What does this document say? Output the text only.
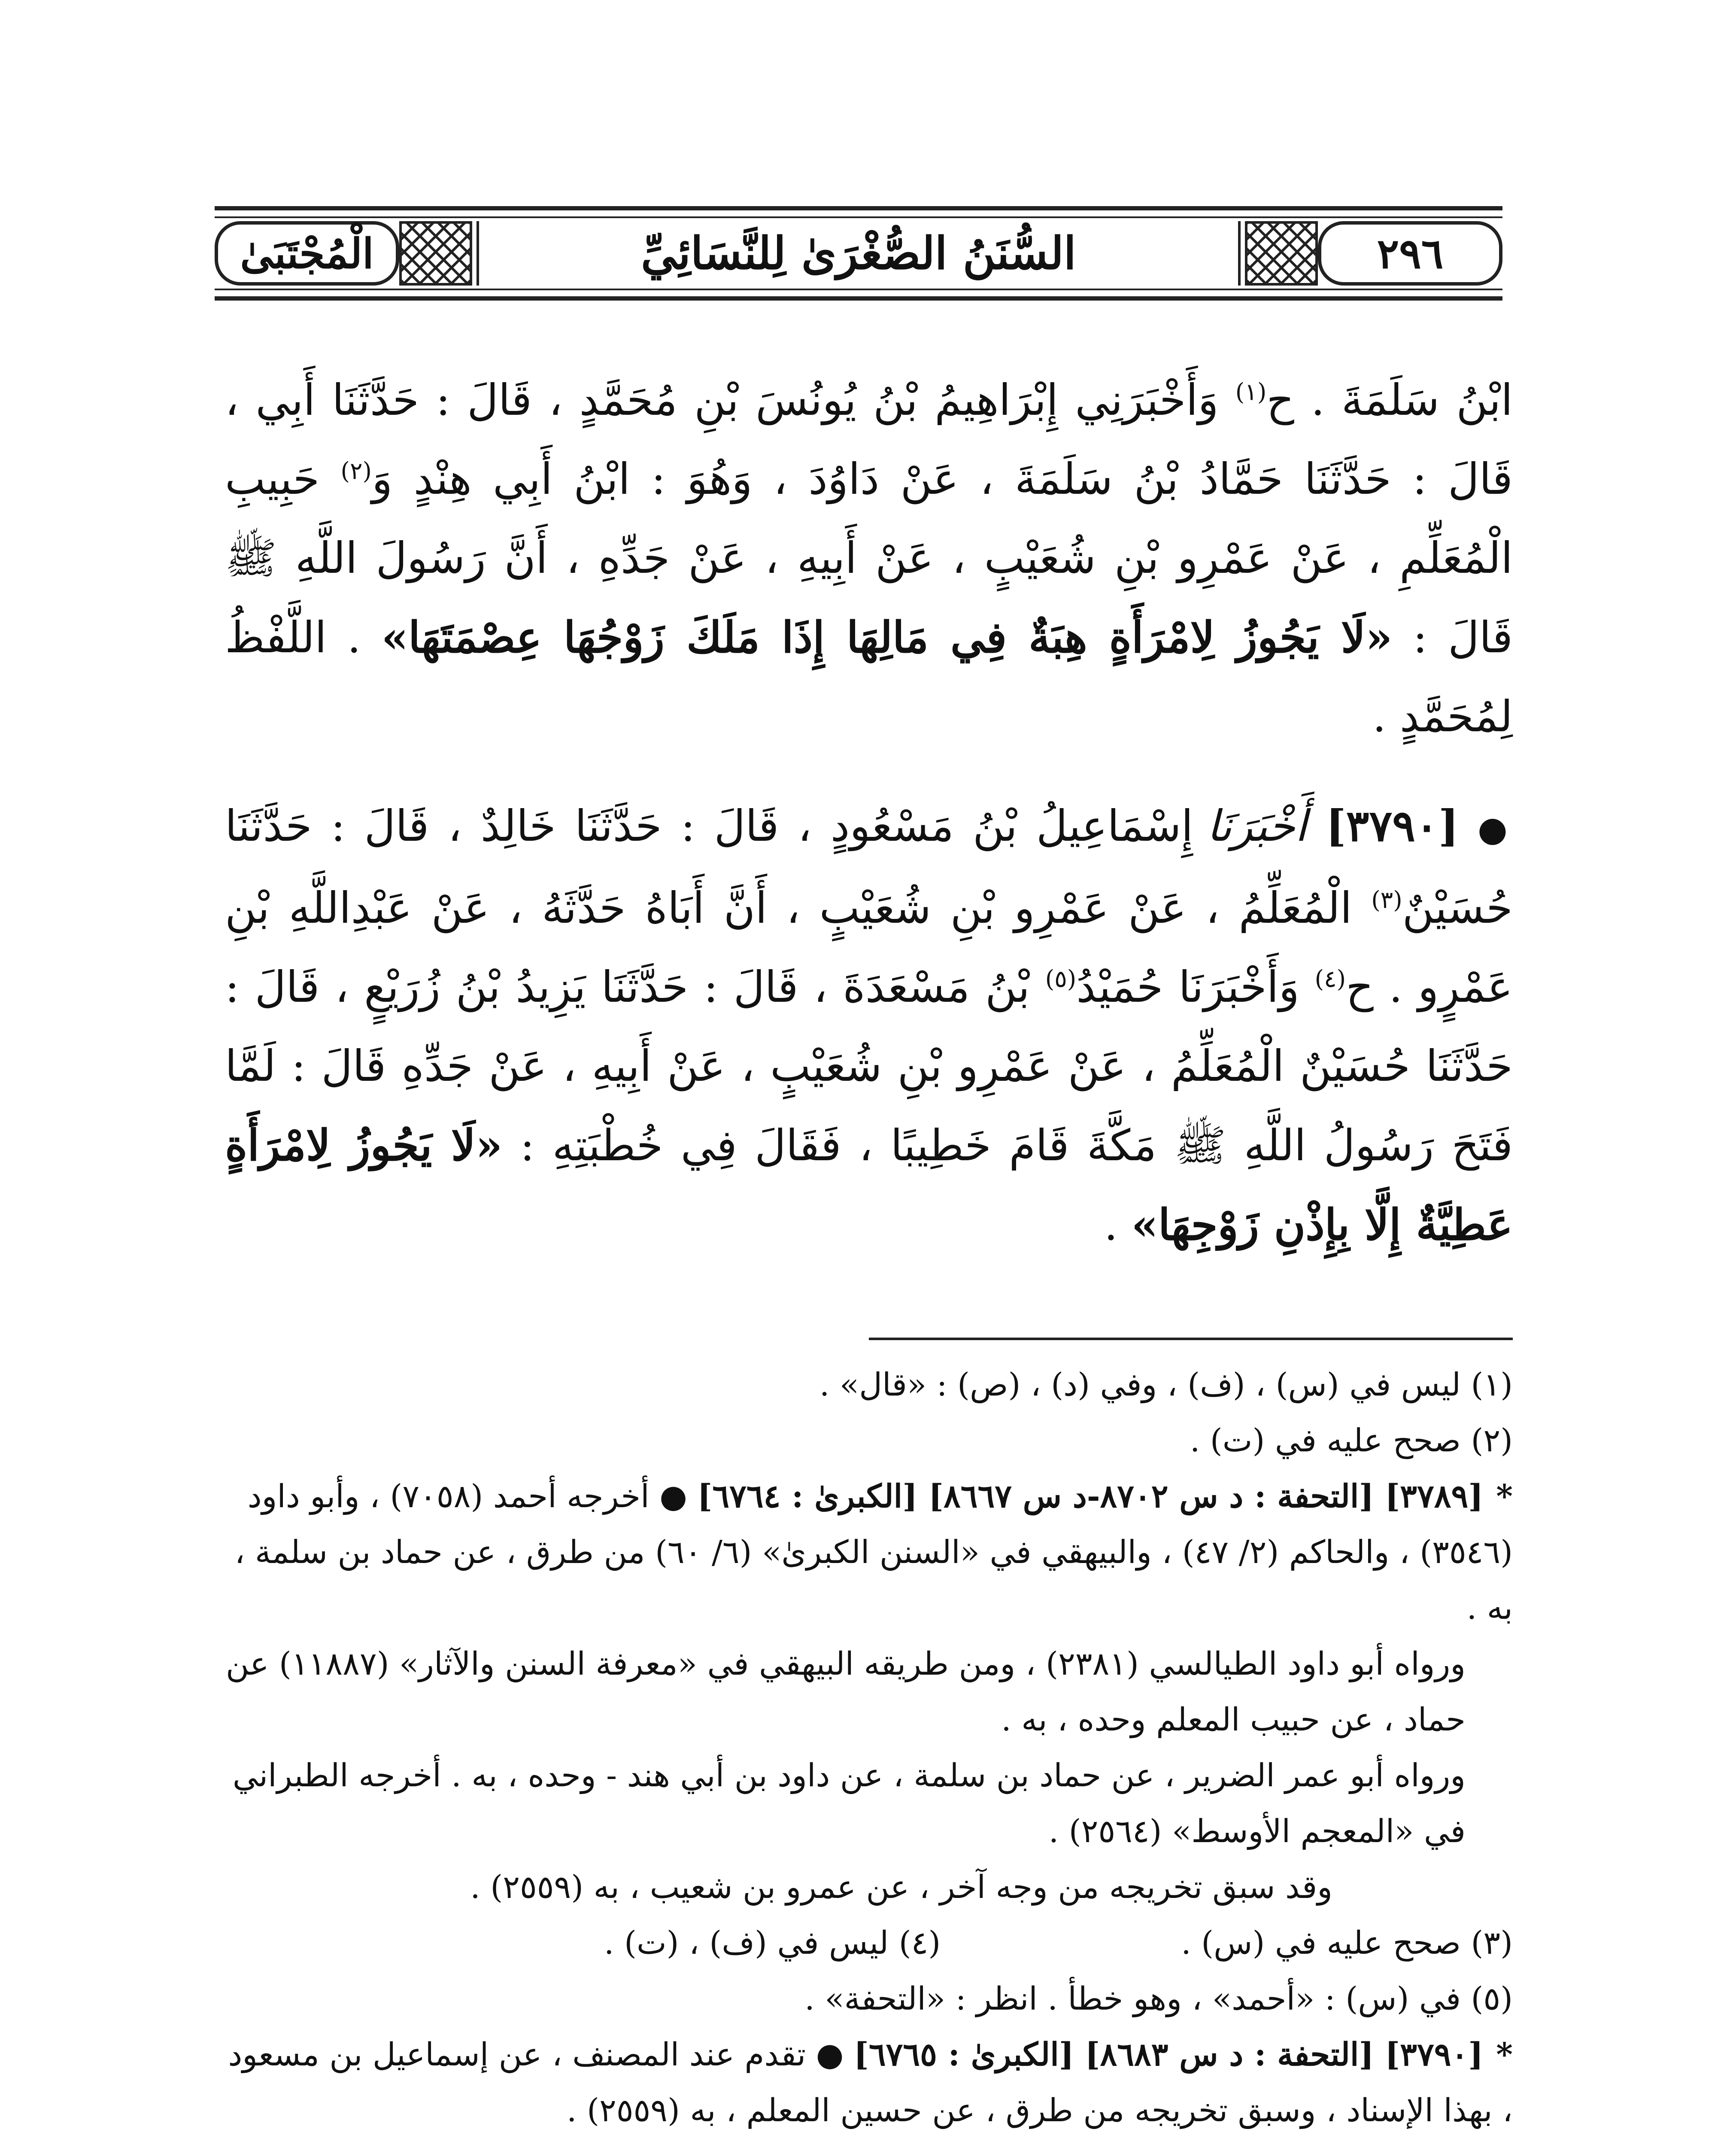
٢٩٦
السُّنَنُ الصُّغْرَىٰ لِلنَّسَائِيِّ
الْمُجْتَبَىٰ

ابْنُ سَلَمَةَ . ح$^{(١)}$ وَأَخْبَرَنِي إِبْرَاهِيمُ بْنُ يُونُسَ بْنِ مُحَمَّدٍ ، قَالَ : حَدَّثَنَا أَبِي ، قَالَ : حَدَّثَنَا حَمَّادُ بْنُ سَلَمَةَ ، عَنْ دَاوُدَ ، وَهُوَ : ابْنُ أَبِي هِنْدٍ وَ$^{(٢)}$ حَبِيبِ الْمُعَلِّمِ ، عَنْ عَمْرِو بْنِ شُعَيْبٍ ، عَنْ أَبِيهِ ، عَنْ جَدِّهِ ، أَنَّ رَسُولَ اللَّهِ ﷺ قَالَ : «لَا يَجُوزُ لِامْرَأَةٍ هِبَةٌ فِي مَالِهَا إِذَا مَلَكَ زَوْجُهَا عِصْمَتَهَا» . اللَّفْظُ لِمُحَمَّدٍ .

● [٣٧٩٠] أَخْبَرَنَا إِسْمَاعِيلُ بْنُ مَسْعُودٍ ، قَالَ : حَدَّثَنَا خَالِدٌ ، قَالَ : حَدَّثَنَا حُسَيْنٌ$^{(٣)}$ الْمُعَلِّمُ ، عَنْ عَمْرِو بْنِ شُعَيْبٍ ، أَنَّ أَبَاهُ حَدَّثَهُ ، عَنْ عَبْدِاللَّهِ بْنِ عَمْرٍو . ح$^{(٤)}$ وَأَخْبَرَنَا حُمَيْدُ$^{(٥)}$ بْنُ مَسْعَدَةَ ، قَالَ : حَدَّثَنَا يَزِيدُ بْنُ زُرَيْعٍ ، قَالَ : حَدَّثَنَا حُسَيْنٌ الْمُعَلِّمُ ، عَنْ عَمْرِو بْنِ شُعَيْبٍ ، عَنْ أَبِيهِ ، عَنْ جَدِّهِ قَالَ : لَمَّا فَتَحَ رَسُولُ اللَّهِ ﷺ مَكَّةَ قَامَ خَطِيبًا ، فَقَالَ فِي خُطْبَتِهِ : «لَا يَجُوزُ لِامْرَأَةٍ عَطِيَّةٌ إِلَّا بِإِذْنِ زَوْجِهَا» .

(١) ليس في (س) ، (ف) ، وفي (د) ، (ص) : «قال» .

(٢) صحح عليه في (ت) .

*[٣٧٨٩] [التحفة : د س ٨٧٠٢-د س ٨٦٦٧] [الكبرىٰ : ٦٧٦٤] ● أخرجه أحمد (٧٠٥٨) ، وأبو داود (٣٥٤٦) ، والحاكم (٢/ ٤٧) ، والبيهقي في «السنن الكبرىٰ» (٦/ ٦٠) من طرق ، عن حماد بن سلمة ، به .

ورواه أبو داود الطيالسي (٢٣٨١) ، ومن طريقه البيهقي في «معرفة السنن والآثار» (١١٨٨٧) عن حماد ، عن حبيب المعلم وحده ، به .

ورواه أبو عمر الضرير ، عن حماد بن سلمة ، عن داود بن أبي هند - وحده ، به . أخرجه الطبراني في «المعجم الأوسط» (٢٥٦٤) .

وقد سبق تخريجه من وجه آخر ، عن عمرو بن شعيب ، به (٢٥٥٩) .

(٣) صحح عليه في (س) .
(٤) ليس في (ف) ، (ت) .

(٥) في (س) : «أحمد» ، وهو خطأ . انظر : «التحفة» .

*[٣٧٩٠] [التحفة : د س ٨٦٨٣] [الكبرىٰ : ٦٧٦٥] ● تقدم عند المصنف ، عن إسماعيل بن مسعود ، بهذا الإسناد ، وسبق تخريجه من طرق ، عن حسين المعلم ، به (٢٥٥٩) .
